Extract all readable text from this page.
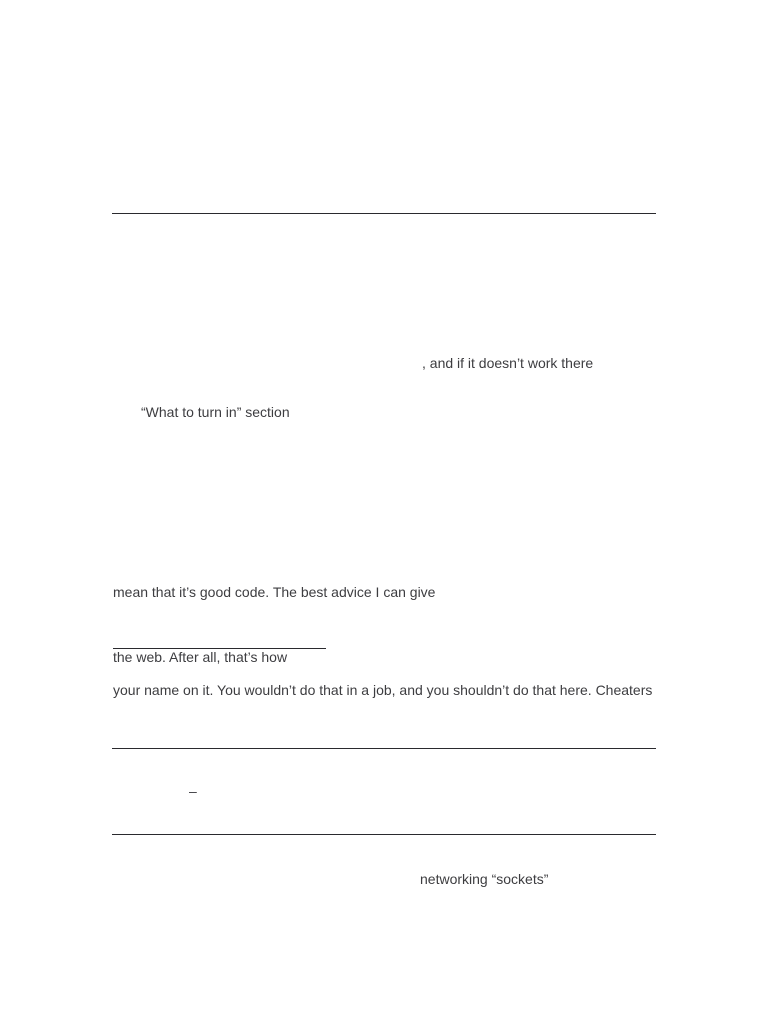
, and if it doesn’t work there
“What to turn in” section
mean that it’s good code. The best advice I can give
the web. After all, that’s how
your name on it. You wouldn’t do that in a job, and you shouldn’t do that here. Cheaters
–
networking “sockets”
